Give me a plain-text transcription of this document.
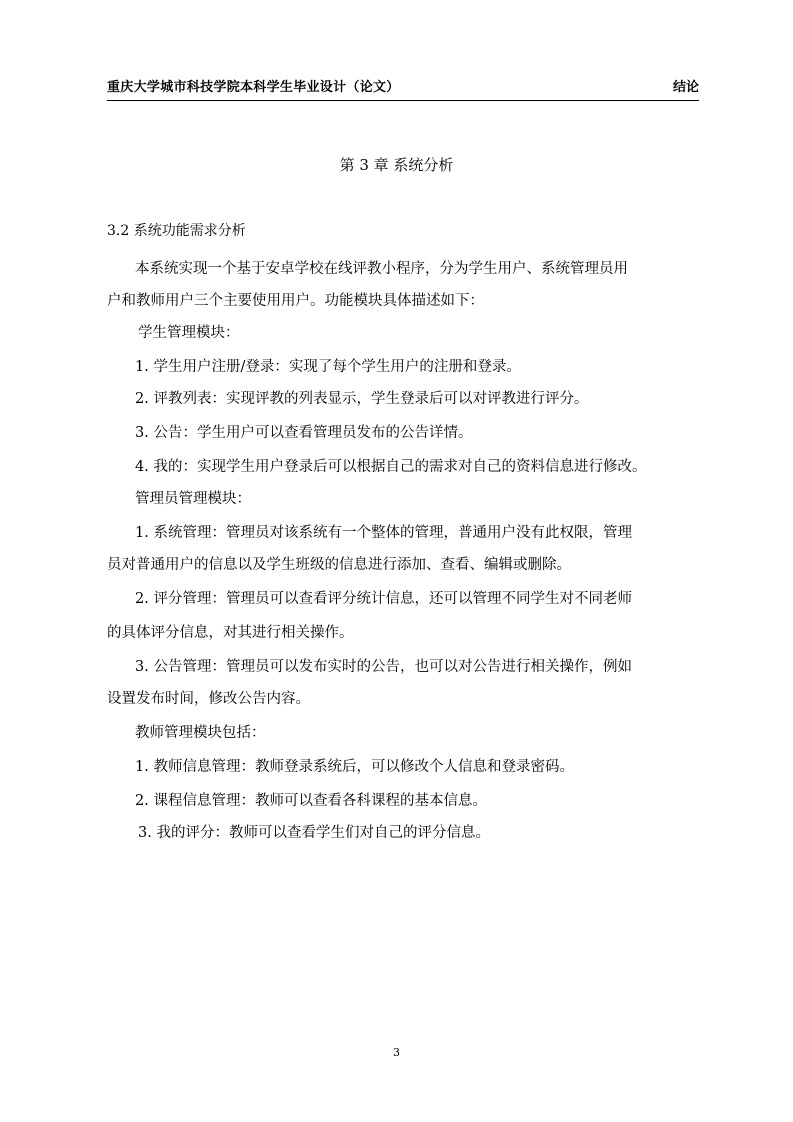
重庆大学城市科技学院本科学生毕业设计（论文）	结论
第 3 章 系统分析
3.2 系统功能需求分析
本系统实现一个基于安卓学校在线评教小程序，分为学生用户、系统管理员用
户和教师用户三个主要使用用户。功能模块具体描述如下：
学生管理模块：
1. 学生用户注册/登录：实现了每个学生用户的注册和登录。
2. 评教列表：实现评教的列表显示，学生登录后可以对评教进行评分。
3. 公告：学生用户可以查看管理员发布的公告详情。
4. 我的：实现学生用户登录后可以根据自己的需求对自己的资料信息进行修改。
管理员管理模块：
1. 系统管理：管理员对该系统有一个整体的管理，普通用户没有此权限，管理
员对普通用户的信息以及学生班级的信息进行添加、查看、编辑或删除。
2. 评分管理：管理员可以查看评分统计信息，还可以管理不同学生对不同老师
的具体评分信息，对其进行相关操作。
3. 公告管理：管理员可以发布实时的公告，也可以对公告进行相关操作，例如
设置发布时间，修改公告内容。
教师管理模块包括：
1. 教师信息管理：教师登录系统后，可以修改个人信息和登录密码。
2. 课程信息管理：教师可以查看各科课程的基本信息。
3. 我的评分：教师可以查看学生们对自己的评分信息。
3
